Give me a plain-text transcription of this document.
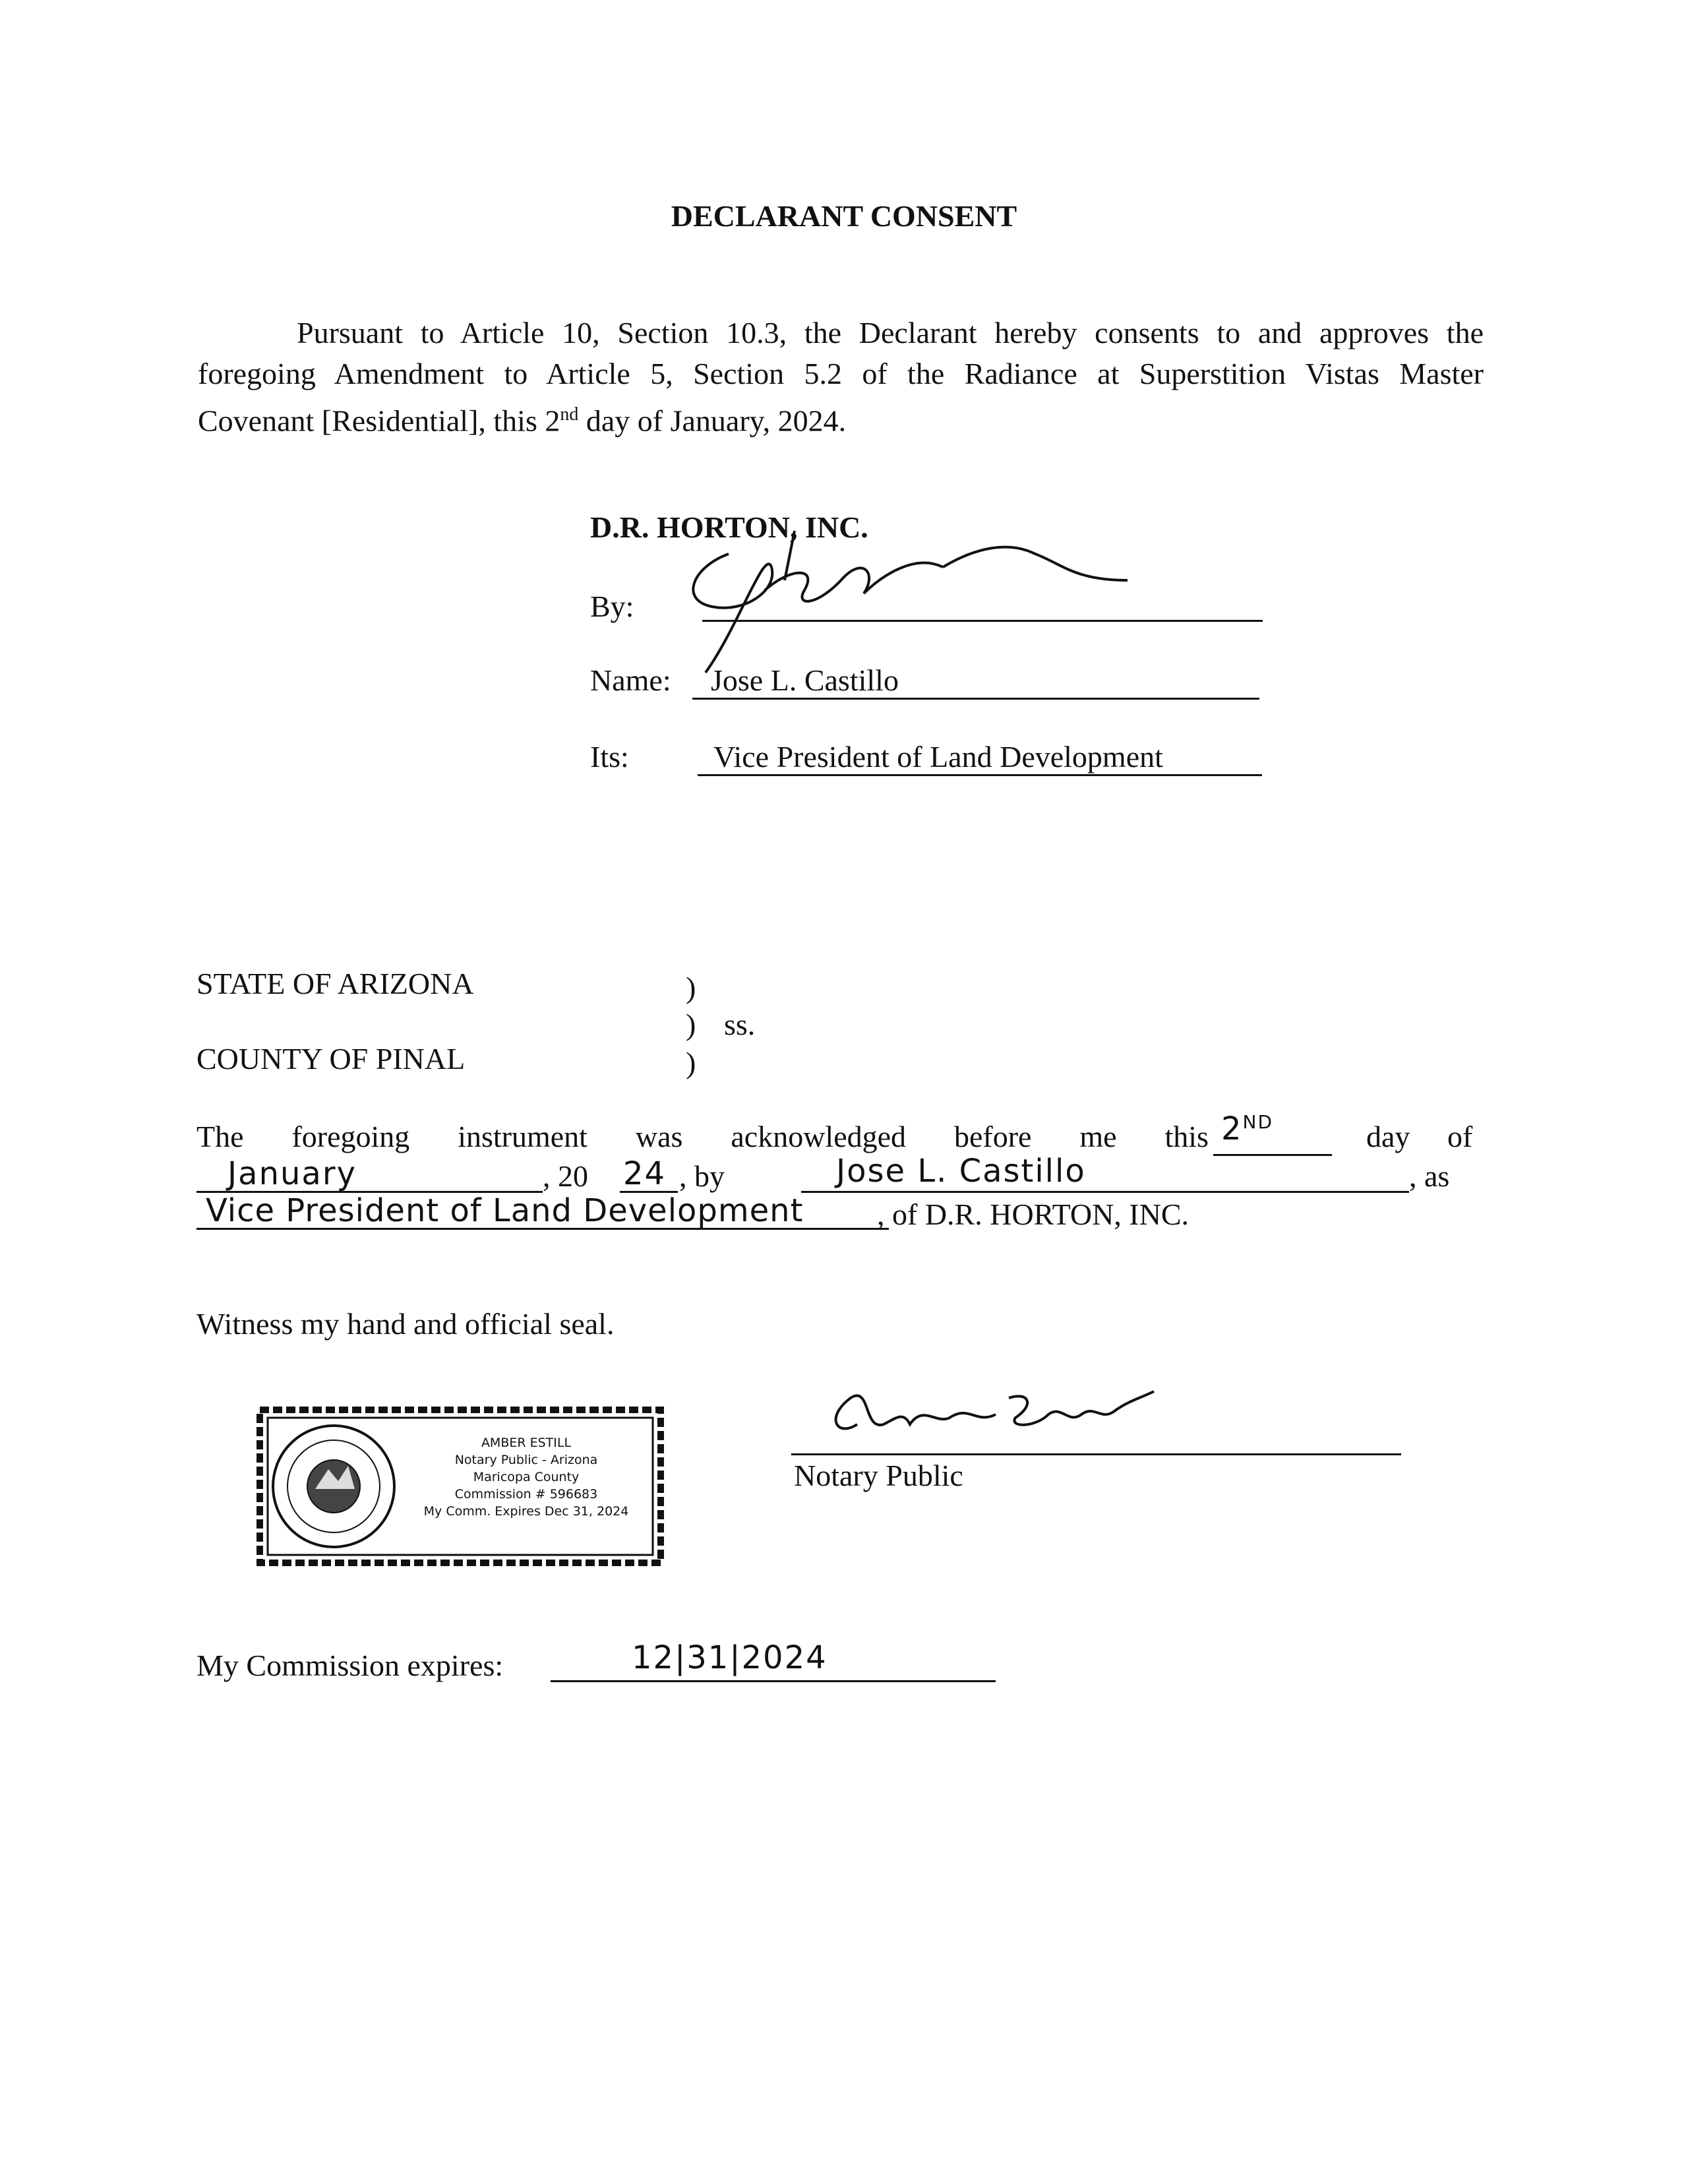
DECLARANT CONSENT
Pursuant to Article 10, Section 10.3, the Declarant hereby consents to and approves the
foregoing Amendment to Article 5, Section 5.2 of the Radiance at Superstition Vistas Master
Covenant [Residential], this 2nd day of January, 2024.
D.R. HORTON, INC.
By:
Name: Jose L. Castillo
Its:	Vice President of Land Development
STATE OF ARIZONA	)
) ss.
COUNTY OF PINAL	)
The foregoing instrument was acknowledged before me this 2ND	day of
January	, 20 24 , by	Jose L. Castillo	, as
Vice President of Land Development , of D.R. HORTON, INC.
Witness my hand and official seal.
AMBER ESTILL
Notary Public - Arizona
Maricopa County
Commission # 596683
My Comm. Expires Dec 31, 2024
Notary Public
My Commission expires:	12|31|2024
